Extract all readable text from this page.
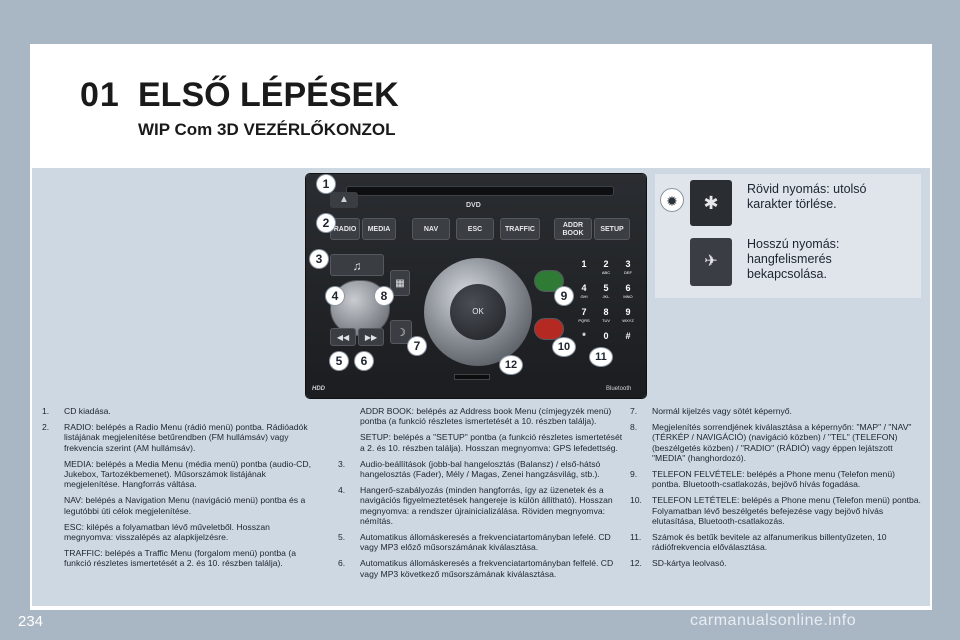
01 ELSŐ LÉPÉSEK
WIP Com 3D VEZÉRLŐKONZOL
▲
DVD
RADIO	MEDIA	NAV	ESC	TRAFFIC
ADDR BOOK
SETUP
♫
◀◀	▶▶
▦
☽
OK
1	2
ABC
3
DEF
4
GHI
5
JKL
6
MNO
7
PQRS
8
TUV
9
WXYZ
*	0	#
HDD	Bluetooth
1
2
3
4
5	6
7
8	9
10
11
12
✹	✱
Rövid nyomás: utolsó karakter törlése.
✈
Hosszú nyomás: hangfelismerés bekapcsolása.
1.	CD kiadása.
2. RADIO: belépés a Radio Menu (rádió menü) pontba. Rádióadók listájának megjelenítése betűrendben (FM hullámsáv) vagy frekvencia szerint (AM hullámsáv).
MEDIA: belépés a Media Menu (média menü) pontba (audio-CD, Jukebox, Tartozékbemenet). Műsorszámok listájának megjelenítése. Hangforrás váltása.
NAV: belépés a Navigation Menu (navigáció menü) pontba és a legutóbbi úti célok megjelenítése.
ESC: kilépés a folyamatban lévő műveletből. Hosszan megnyomva: visszalépés az alapkijelzésre.
TRAFFIC: belépés a Traffic Menu (forgalom menü) pontba (a funkció részletes ismertetését a 2. és 10. részben találja).
ADDR BOOK: belépés az Address book Menu (címjegyzék menü) pontba (a funkció részletes ismertetését a 10. részben találja).
SETUP: belépés a "SETUP" pontba (a funkció részletes ismertetését a 2. és 10. részben találja). Hosszan megnyomva: GPS lefedettség.
3.	Audio-beállítások (jobb-bal hangelosztás (Balansz) / első-hátsó hangelosztás (Fader), Mély / Magas, Zenei hangzásvilág, stb.).
4.	Hangerő-szabályozás (minden hangforrás, így az üzenetek és a navigációs figyelmeztetések hangereje is külön állítható). Hosszan megnyomva: a rendszer újrainicializálása. Röviden megnyomva: némítás.
5.	Automatikus állomáskeresés a frekvenciatartományban lefelé. CD vagy MP3 előző műsorszámának kiválasztása.
6.	Automatikus állomáskeresés a frekvenciatartományban felfelé. CD vagy MP3 következő műsorszámának kiválasztása.
7.	Normál kijelzés vagy sötét képernyő.
8.	Megjelenítés sorrendjének kiválasztása a képernyőn: "MAP" / "NAV" (TÉRKÉP / NAVIGÁCIÓ) (navigáció közben) / "TEL" (TELEFON) (beszélgetés közben) / "RADIO" (RÁDIÓ) vagy éppen lejátszott "MEDIA" (hanghordozó).
9.	TELEFON FELVÉTELE: belépés a Phone menu (Telefon menü) pontba. Bluetooth-csatlakozás, bejövő hívás fogadása.
10.	TELEFON LETÉTELE: belépés a Phone menu (Telefon menü) pontba. Folyamatban lévő beszélgetés befejezése vagy bejövő hívás elutasítása, Bluetooth-csatlakozás.
11.	Számok és betűk bevitele az alfanumerikus billentyűzeten, 10 rádiófrekvencia előválasztása.
12.	SD-kártya leolvasó.
234	carmanualsonline.info
